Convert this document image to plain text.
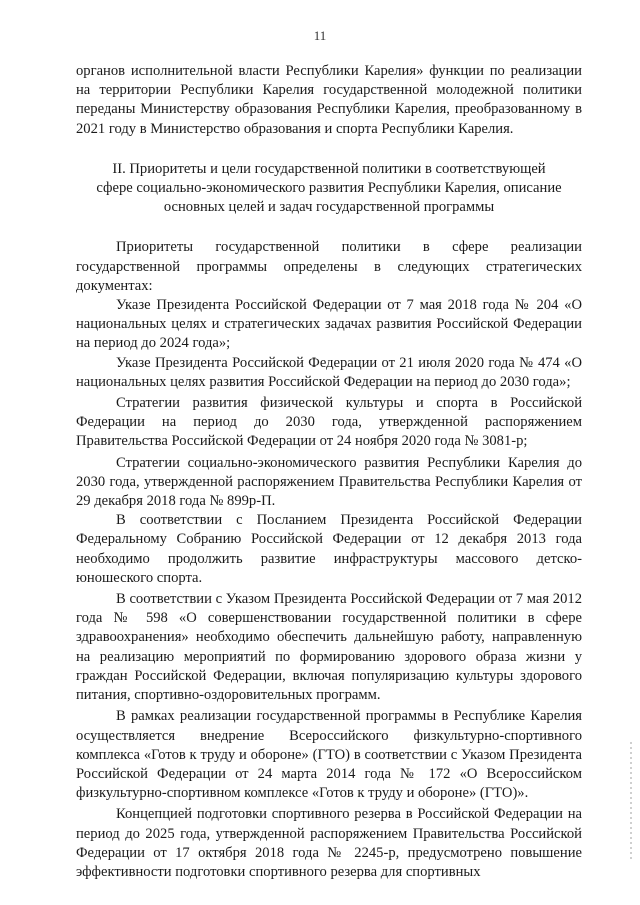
11

органов исполнительной власти Республики Карелия» функции по реализации на территории Республики Карелия государственной молодежной политики переданы Министерству образования Республики Карелия, преобразованному в 2021 году в Министерство образования и спорта Республики Карелия.

II. Приоритеты и цели государственной политики в соответствующей сфере социально-экономического развития Республики Карелия, описание основных целей и задач государственной программы

Приоритеты государственной политики в сфере реализации государственной программы определены в следующих стратегических документах:

Указе Президента Российской Федерации от 7 мая 2018 года № 204 «О национальных целях и стратегических задачах развития Российской Федерации на период до 2024 года»;

Указе Президента Российской Федерации от 21 июля 2020 года № 474 «О национальных целях развития Российской Федерации на период до 2030 года»;

Стратегии развития физической культуры и спорта в Российской Федерации на период до 2030 года, утвержденной распоряжением Правительства Российской Федерации от 24 ноября 2020 года № 3081-р;

Стратегии социально-экономического развития Республики Карелия до 2030 года, утвержденной распоряжением Правительства Республики Карелия от 29 декабря 2018 года № 899р-П.

В соответствии с Посланием Президента Российской Федерации Федеральному Собранию Российской Федерации от 12 декабря 2013 года необходимо продолжить развитие инфраструктуры массового детско-юношеского спорта.

В соответствии с Указом Президента Российской Федерации от 7 мая 2012 года № 598 «О совершенствовании государственной политики в сфере здравоохранения» необходимо обеспечить дальнейшую работу, направленную на реализацию мероприятий по формированию здорового образа жизни у граждан Российской Федерации, включая популяризацию культуры здорового питания, спортивно-оздоровительных программ.

В рамках реализации государственной программы в Республике Карелия осуществляется внедрение Всероссийского физкультурно-спортивного комплекса «Готов к труду и обороне» (ГТО) в соответствии с Указом Президента Российской Федерации от 24 марта 2014 года № 172 «О Всероссийском физкультурно-спортивном комплексе «Готов к труду и обороне» (ГТО)».

Концепцией подготовки спортивного резерва в Российской Федерации на период до 2025 года, утвержденной распоряжением Правительства Российской Федерации от 17 октября 2018 года № 2245-р, предусмотрено повышение эффективности подготовки спортивного резерва для спортивных
